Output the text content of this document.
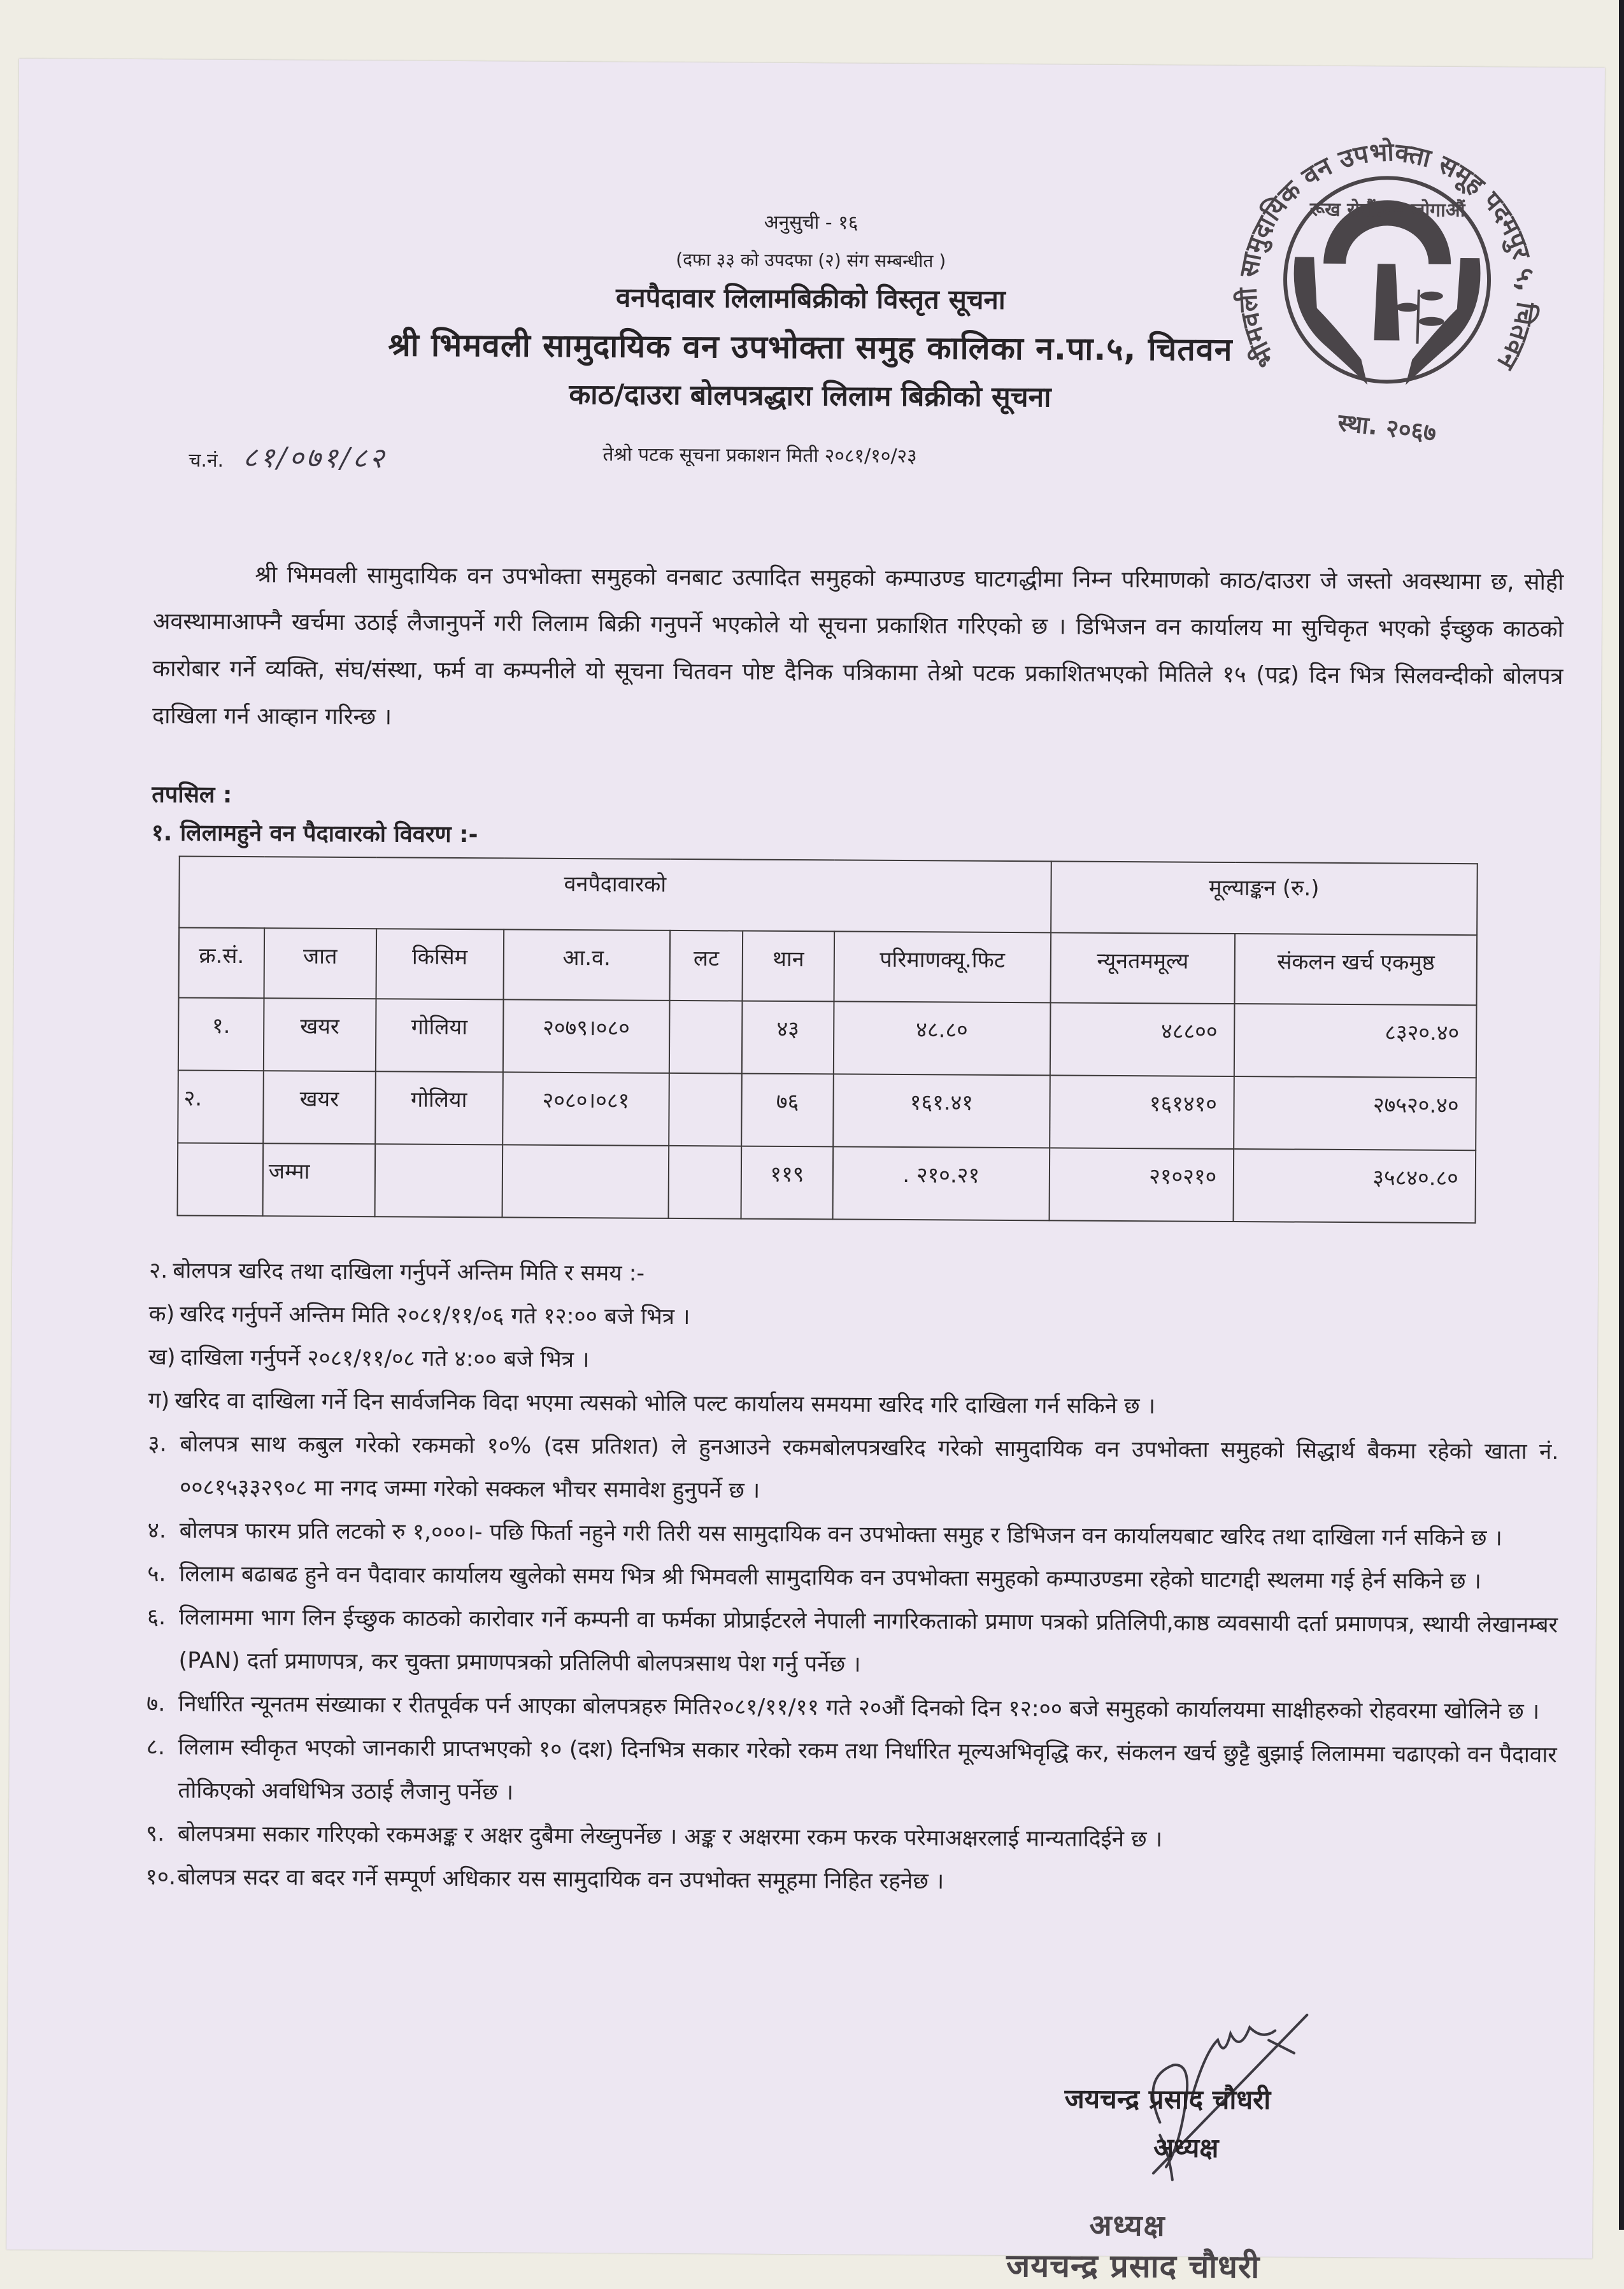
भीमवली सामुदायिक वन उपभोक्ता समूह पदमपुर ५, चितवन
रूख रोपौं.वन जोगाऔं
स्था. २०६७
अनुसुची - १६
(दफा ३३ को उपदफा (२) संग सम्बन्धीत )
वनपैदावार लिलामबिक्रीको विस्तृत सूचना
श्री भिमवली सामुदायिक वन उपभोक्ता समुह कालिका न.पा.५, चितवन
काठ/दाउरा बोलपत्रद्धारा लिलाम बिक्रीको सूचना
च.नं. ८१/०७१/८२	तेश्रो पटक सूचना प्रकाशन मिती २०८१/१०/२३

श्री भिमवली सामुदायिक वन उपभोक्ता समुहको वनबाट उत्पादित समुहको कम्पाउण्ड घाटगद्धीमा निम्न परिमाणको काठ/दाउरा जे जस्तो अवस्थामा छ, सोही अवस्थामाआफ्नै खर्चमा उठाई लैजानुपर्ने गरी लिलाम बिक्री गनुपर्ने भएकोले यो सूचना प्रकाशित गरिएको छ । डिभिजन वन कार्यालय मा सुचिकृत भएको ईच्छुक काठको कारोबार गर्ने व्यक्ति, संघ/संस्था, फर्म वा कम्पनीले यो सूचना चितवन पोष्ट दैनिक पत्रिकामा तेश्रो पटक प्रकाशितभएको मितिले १५ (पद्र) दिन भित्र सिलवन्दीको बोलपत्र दाखिला गर्न आव्हान गरिन्छ ।

तपसिल :
१. लिलामहुने वन पैदावारको विवरण :-
वनपैदावारको							मूल्याङ्कन (रु.)	
क्र.सं.	जात	किसिम	आ.व.	लट	थान	परिमाणक्यू.फिट	न्यूनतममूल्य	संकलन खर्च एकमुष्ठ
१.	खयर	गोलिया	२०७९।०८०		४३	४८.८०	४८८००	८३२०.४०
२.	खयर	गोलिया	२०८०।०८१		७६	१६१.४१	१६१४१०	२७५२०.४०
	जम्मा				११९	. २१०.२१	२१०२१०	३५८४०.८०
२. बोलपत्र खरिद तथा दाखिला गर्नुपर्ने अन्तिम मिति र समय :-
क) खरिद गर्नुपर्ने अन्तिम मिति २०८१/११/०६ गते १२:०० बजे भित्र ।
ख) दाखिला गर्नुपर्ने २०८१/११/०८ गते ४:०० बजे भित्र ।
ग) खरिद वा दाखिला गर्ने दिन सार्वजनिक विदा भएमा त्यसको भोलि पल्ट कार्यालय समयमा खरिद गरि दाखिला गर्न सकिने छ ।
३. बोलपत्र साथ कबुल गरेको रकमको १०% (दस प्रतिशत) ले हुनआउने रकमबोलपत्रखरिद गरेको सामुदायिक वन उपभोक्ता समुहको सिद्धार्थ बैकमा रहेको खाता नं. ००८१५३३२९०८ मा नगद जम्मा गरेको सक्कल भौचर समावेश हुनुपर्ने छ ।
४. बोलपत्र फारम प्रति लटको रु १,०००।- पछि फिर्ता नहुने गरी तिरी यस सामुदायिक वन उपभोक्ता समुह र डिभिजन वन कार्यालयबाट खरिद तथा दाखिला गर्न सकिने छ ।
५. लिलाम बढाबढ हुने वन पैदावार कार्यालय खुलेको समय भित्र श्री भिमवली सामुदायिक वन उपभोक्ता समुहको कम्पाउण्डमा रहेको घाटगद्दी स्थलमा गई हेर्न सकिने छ ।
६. लिलाममा भाग लिन ईच्छुक काठको कारोवार गर्ने कम्पनी वा फर्मका प्रोप्राईटरले नेपाली नागरिकताको प्रमाण पत्रको प्रतिलिपी,काष्ठ व्यवसायी दर्ता प्रमाणपत्र, स्थायी लेखानम्बर (PAN) दर्ता प्रमाणपत्र, कर चुक्ता प्रमाणपत्रको प्रतिलिपी बोलपत्रसाथ पेश गर्नु पर्नेछ ।
७. निर्धारित न्यूनतम संख्याका र रीतपूर्वक पर्न आएका बोलपत्रहरु मिति२०८१/११/११ गते २०औं दिनको दिन १२:०० बजे समुहको कार्यालयमा साक्षीहरुको रोहवरमा खोलिने छ ।
८. लिलाम स्वीकृत भएको जानकारी प्राप्तभएको १० (दश) दिनभित्र सकार गरेको रकम तथा निर्धारित मूल्यअभिवृद्धि कर, संकलन खर्च छुट्टै बुझाई लिलाममा चढाएको वन पैदावार तोकिएको अवधिभित्र उठाई लैजानु पर्नेछ ।
९. बोलपत्रमा सकार गरिएको रकमअङ्क र अक्षर दुबैमा लेख्नुपर्नेछ । अङ्क र अक्षरमा रकम फरक परेमाअक्षरलाई मान्यतादिईने छ ।
१०. बोलपत्र सदर वा बदर गर्ने सम्पूर्ण अधिकार यस सामुदायिक वन उपभोक्त समूहमा निहित रहनेछ ।
जयचन्द्र प्रसाद चौधरी
अध्यक्ष
अध्यक्ष
जयचन्द्र प्रसाद चौधरी
